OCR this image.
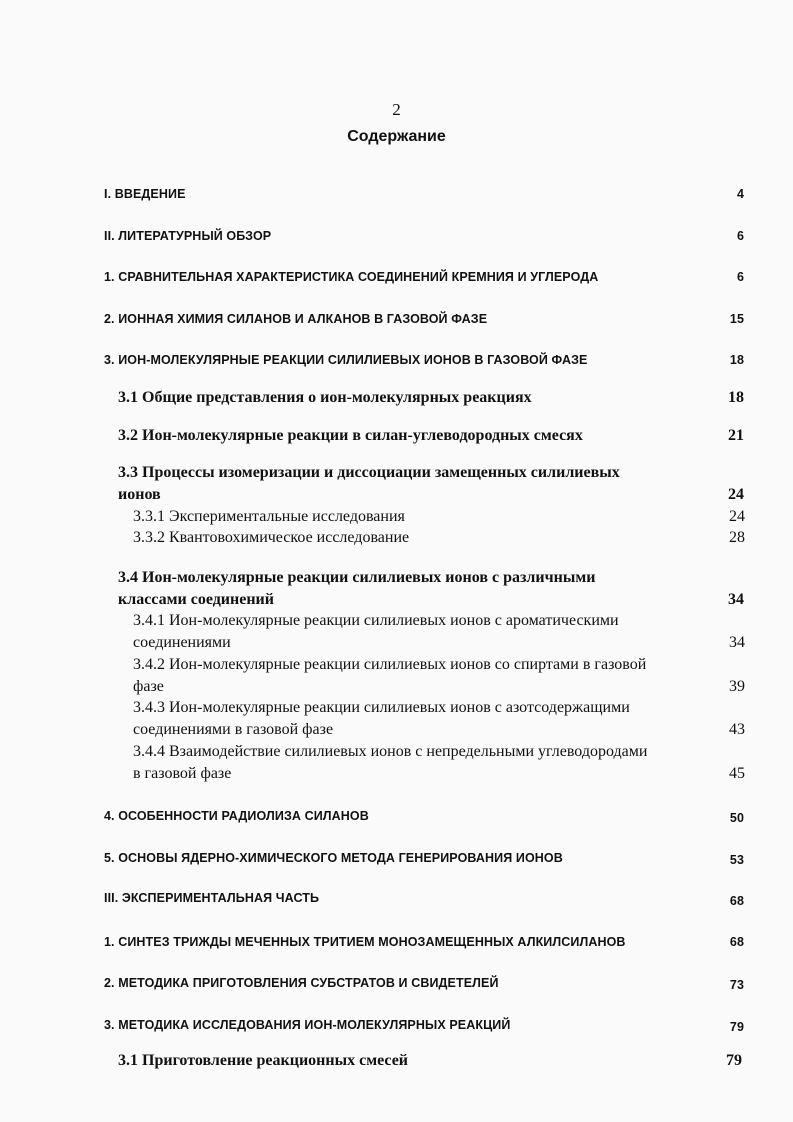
2
Содержание
I. ВВЕДЕНИЕ	4
II. ЛИТЕРАТУРНЫЙ ОБЗОР	6
1. СРАВНИТЕЛЬНАЯ ХАРАКТЕРИСТИКА СОЕДИНЕНИЙ КРЕМНИЯ И УГЛЕРОДА	6
2. ИОННАЯ ХИМИЯ СИЛАНОВ И АЛКАНОВ В ГАЗОВОЙ ФАЗЕ	15
3. ИОН-МОЛЕКУЛЯРНЫЕ РЕАКЦИИ СИЛИЛИЕВЫХ ИОНОВ В ГАЗОВОЙ ФАЗЕ	18
3.1 Общие представления о ион-молекулярных реакциях	18
3.2 Ион-молекулярные реакции в силан-углеводородных смесях	21
3.3 Процессы изомеризации и диссоциации замещенных силилиевых
ионов	24
3.3.1 Экспериментальные исследования	24
3.3.2 Квантовохимическое исследование	28
3.4 Ион-молекулярные реакции силилиевых ионов с различными
классами соединений	34
3.4.1 Ион-молекулярные реакции силилиевых ионов с ароматическими
соединениями	34
3.4.2 Ион-молекулярные реакции силилиевых ионов со спиртами в газовой
фазе	39
3.4.3 Ион-молекулярные реакции силилиевых ионов с азотсодержащими
соединениями в газовой фазе	43
3.4.4 Взаимодействие силилиевых ионов с непредельными углеводородами
в газовой фазе	45
4. ОСОБЕННОСТИ РАДИОЛИЗА СИЛАНОВ	50
5. ОСНОВЫ ЯДЕРНО-ХИМИЧЕСКОГО МЕТОДА ГЕНЕРИРОВАНИЯ ИОНОВ	53
III. ЭКСПЕРИМЕНТАЛЬНАЯ ЧАСТЬ	68
1. СИНТЕЗ ТРИЖДЫ МЕЧЕННЫХ ТРИТИЕМ МОНОЗАМЕЩЕННЫХ АЛКИЛСИЛАНОВ	68
2. МЕТОДИКА ПРИГОТОВЛЕНИЯ СУБСТРАТОВ И СВИДЕТЕЛЕЙ	73
3. МЕТОДИКА ИССЛЕДОВАНИЯ ИОН-МОЛЕКУЛЯРНЫХ РЕАКЦИЙ	79
3.1 Приготовление реакционных смесей	79
